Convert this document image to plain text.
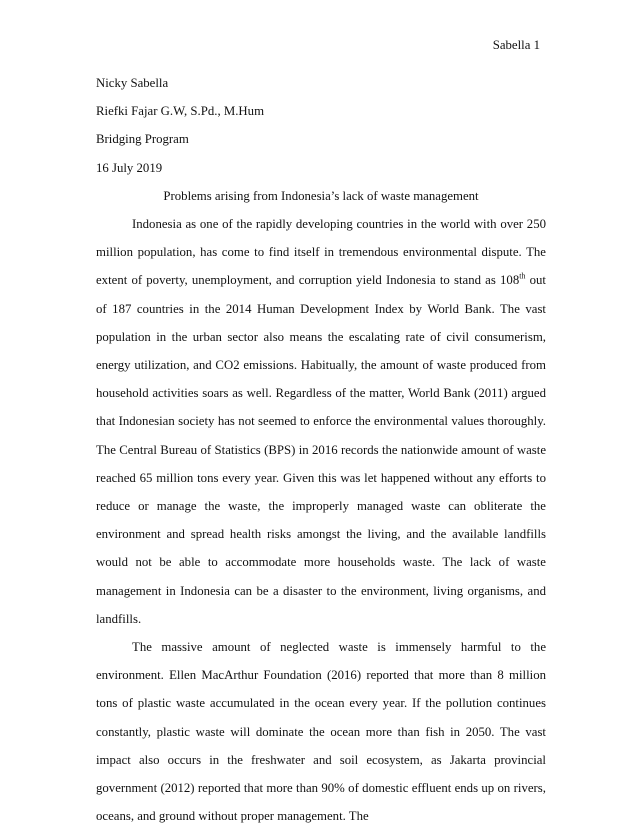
Sabella 1

Nicky Sabella

Riefki Fajar G.W, S.Pd., M.Hum

Bridging Program

16 July 2019

Problems arising from Indonesia’s lack of waste management

Indonesia as one of the rapidly developing countries in the world with over 250 million population, has come to find itself in tremendous environmental dispute. The extent of poverty, unemployment, and corruption yield Indonesia to stand as 108th out of 187 countries in the 2014 Human Development Index by World Bank. The vast population in the urban sector also means the escalating rate of civil consumerism, energy utilization, and CO2 emissions. Habitually, the amount of waste produced from household activities soars as well. Regardless of the matter, World Bank (2011) argued that Indonesian society has not seemed to enforce the environmental values thoroughly. The Central Bureau of Statistics (BPS) in 2016 records the nationwide amount of waste reached 65 million tons every year. Given this was let happened without any efforts to reduce or manage the waste, the improperly managed waste can obliterate the environment and spread health risks amongst the living, and the available landfills would not be able to accommodate more households waste. The lack of waste management in Indonesia can be a disaster to the environment, living organisms, and landfills.

The massive amount of neglected waste is immensely harmful to the environment. Ellen MacArthur Foundation (2016) reported that more than 8 million tons of plastic waste accumulated in the ocean every year. If the pollution continues constantly, plastic waste will dominate the ocean more than fish in 2050. The vast impact also occurs in the freshwater and soil ecosystem, as Jakarta provincial government (2012) reported that more than 90% of domestic effluent ends up on rivers, oceans, and ground without proper management. The
